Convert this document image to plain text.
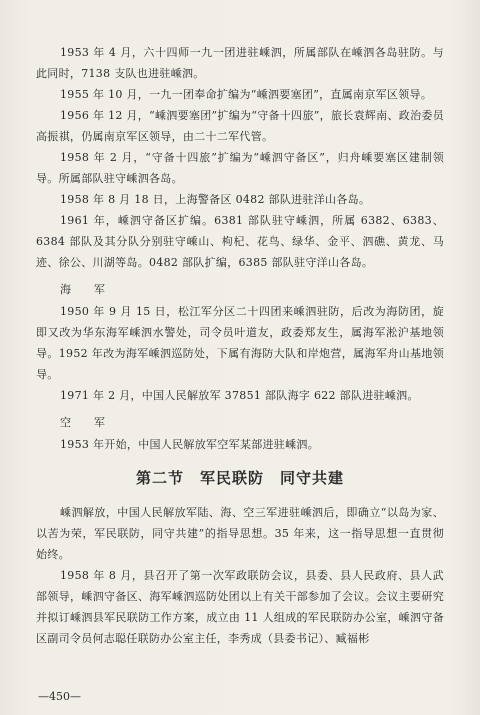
1953 年 4 月，六十四师一九一团进驻嵊泗，所属部队在嵊泗各岛驻防。与此同时，7138 支队也进驻嵊泗。

1955 年 10 月，一九一团奉命扩编为“嵊泗要塞团”，直属南京军区领导。

1956 年 12 月，“嵊泗要塞团”扩编为“守备十四旅”，旅长袁辉南、政治委员高振祺，仍属南京军区领导，由二十二军代管。

1958 年 2 月，“守备十四旅”扩编为“嵊泗守备区”，归舟嵊要塞区建制领导。所属部队驻守嵊泗各岛。

1958 年 8 月 18 日，上海警备区 0482 部队进驻洋山各岛。

1961 年，嵊泗守备区扩编。6381 部队驻守嵊泗，所属 6382、6383、6384 部队及其分队分别驻守嵊山、枸杞、花鸟、绿华、金平、泗礁、黄龙、马迹、徐公、川湖等岛。0482 部队扩编，6385 部队驻守洋山各岛。

海　军

1950 年 9 月 15 日，松江军分区二十四团来嵊泗驻防，后改为海防团，旋即又改为华东海军嵊泗水警处，司令员叶道友，政委郑友生，属海军淞沪基地领导。1952 年改为海军嵊泗巡防处，下属有海防大队和岸炮营，属海军舟山基地领导。

1971 年 2 月，中国人民解放军 37851 部队海字 622 部队进驻嵊泗。

空　军

1953 年开始，中国人民解放军空军某部进驻嵊泗。

第二节　军民联防　同守共建

嵊泗解放，中国人民解放军陆、海、空三军进驻嵊泗后，即确立“以岛为家、以苦为荣，军民联防，同守共建”的指导思想。35 年来，这一指导思想一直贯彻始终。

1958 年 8 月，县召开了第一次军政联防会议，县委、县人民政府、县人武部领导，嵊泗守备区、海军嵊泗巡防处团以上有关干部参加了会议。会议主要研究并拟订嵊泗县军民联防工作方案，成立由 11 人组成的军民联防办公室，嵊泗守备区副司令员何志聪任联防办公室主任，李秀成（县委书记）、臧福彬

—450—
